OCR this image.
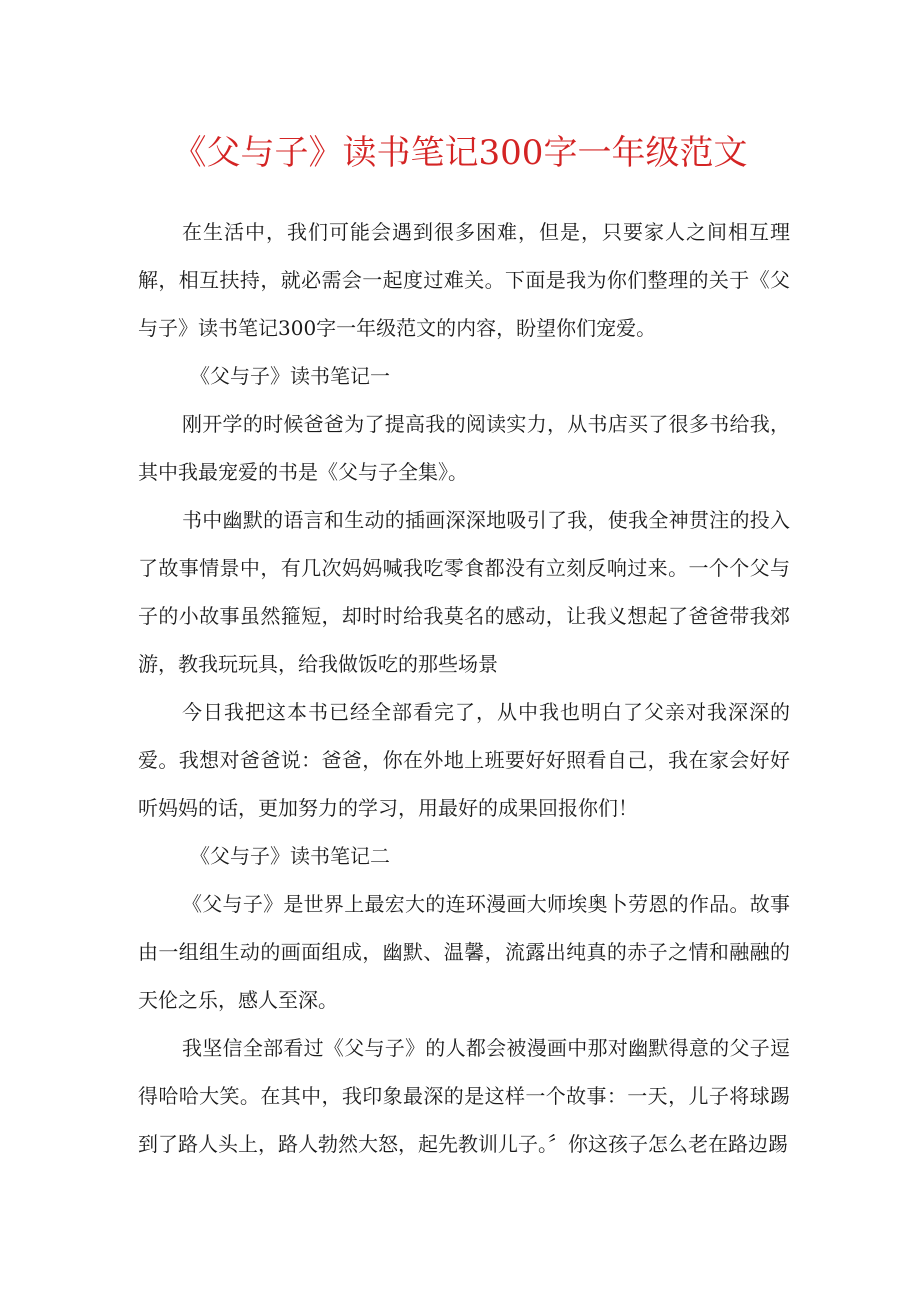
《父与子》读书笔记300字一年级范文

在生活中，我们可能会遇到很多困难，但是，只要家人之间相互理解，相互扶持，就必需会一起度过难关。下面是我为你们整理的关于《父与子》读书笔记300字一年级范文的内容，盼望你们宠爱。

《父与子》读书笔记一

刚开学的时候爸爸为了提高我的阅读实力，从书店买了很多书给我，其中我最宠爱的书是《父与子全集》。

书中幽默的语言和生动的插画深深地吸引了我，使我全神贯注的投入了故事情景中，有几次妈妈喊我吃零食都没有立刻反响过来。一个个父与子的小故事虽然箍短，却时时给我莫名的感动，让我义想起了爸爸带我郊游，教我玩玩具，给我做饭吃的那些场景

今日我把这本书已经全部看完了，从中我也明白了父亲对我深深的爱。我想对爸爸说：爸爸，你在外地上班要好好照看自己，我在家会好好听妈妈的话，更加努力的学习，用最好的成果回报你们！

《父与子》读书笔记二

《父与子》是世界上最宏大的连环漫画大师埃奥卜劳恩的作品。故事由一组组生动的画面组成，幽默、温馨，流露出纯真的赤子之情和融融的天伦之乐，感人至深。

我坚信全部看过《父与子》的人都会被漫画中那对幽默得意的父子逗得哈哈大笑。在其中，我印象最深的是这样一个故事：一天，儿子将球踢到了路人头上，路人勃然大怒，起先教训儿子。〞你这孩子怎么老在路边踢
